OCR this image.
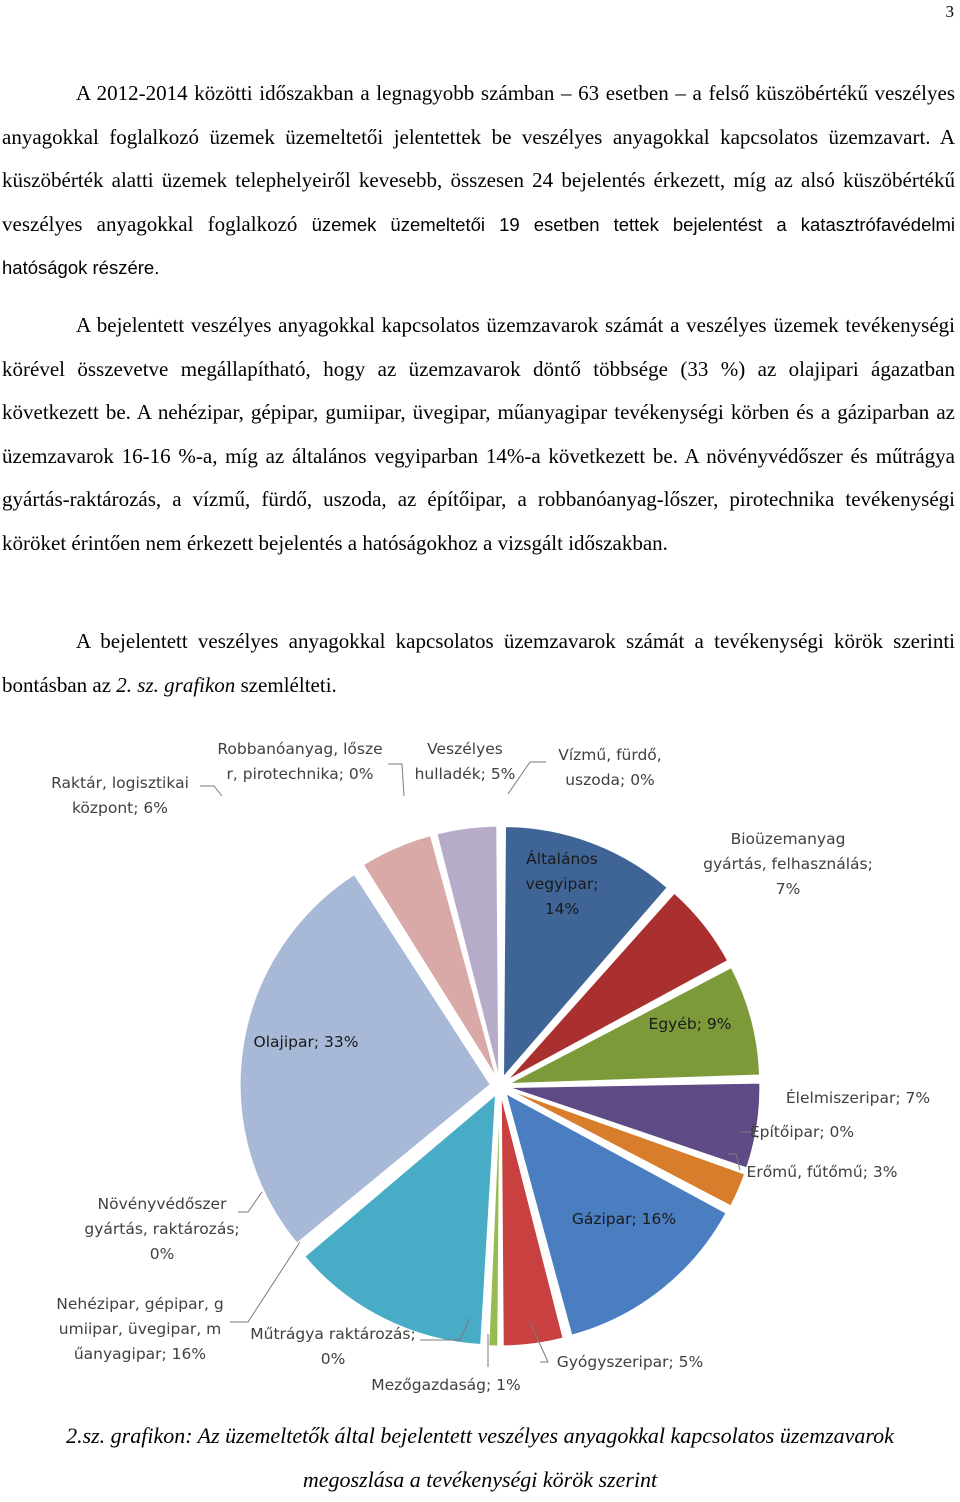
3

A 2012-2014 közötti időszakban a legnagyobb számban – 63 esetben – a felső küszöbértékű veszélyes anyagokkal foglalkozó üzemek üzemeltetői jelentettek be veszélyes anyagokkal kapcsolatos üzemzavart. A küszöbérték alatti üzemek telephelyeiről kevesebb, összesen 24 bejelentés érkezett, míg az alsó küszöbértékű veszélyes anyagokkal foglalkozó üzemek üzemeltetői 19 esetben tettek bejelentést a katasztrófavédelmi hatóságok részére.

A bejelentett veszélyes anyagokkal kapcsolatos üzemzavarok számát a veszélyes üzemek tevékenységi körével összevetve megállapítható, hogy az üzemzavarok döntő többsége (33 %) az olajipari ágazatban következett be. A nehézipar, gépipar, gumiipar, üvegipar, műanyagipar tevékenységi körben és a gáziparban az üzemzavarok 16-16 %-a, míg az általános vegyiparban 14%-a következett be. A növényvédőszer és műtrágya gyártás-raktározás, a vízmű, fürdő, uszoda, az építőipar, a robbanóanyag-lőszer, pirotechnika tevékenységi köröket érintően nem érkezett bejelentés a hatóságokhoz a vizsgált időszakban.

A bejelentett veszélyes anyagokkal kapcsolatos üzemzavarok számát a tevékenységi körök szerinti bontásban az 2. sz. grafikon szemlélteti.

Általános vegyipar; 14%
Bioüzemanyag gyártás, felhasználás; 7%
Egyéb; 9%
Élelmiszeripar; 7%
Építőipar; 0%
Erőmű, fűtőmű; 3%
Gázipar; 16%
Gyógyszeripar; 5%
Mezőgazdaság; 1%
Műtrágya raktározás; 0%
Nehézipar, gépipar, g umiipar, üvegipar, m űanyagipar; 16%
Növényvédőszer gyártás, raktározás; 0%
Olajipar; 33%
Raktár, logisztikai központ; 6%
Robbanóanyag, lősze r, pirotechnika; 0%
Veszélyes hulladék; 5%
Vízmű, fürdő, uszoda; 0%
2.sz. grafikon: Az üzemeltetők által bejelentett veszélyes anyagokkal kapcsolatos üzemzavarok
megoszlása a tevékenységi körök szerint
